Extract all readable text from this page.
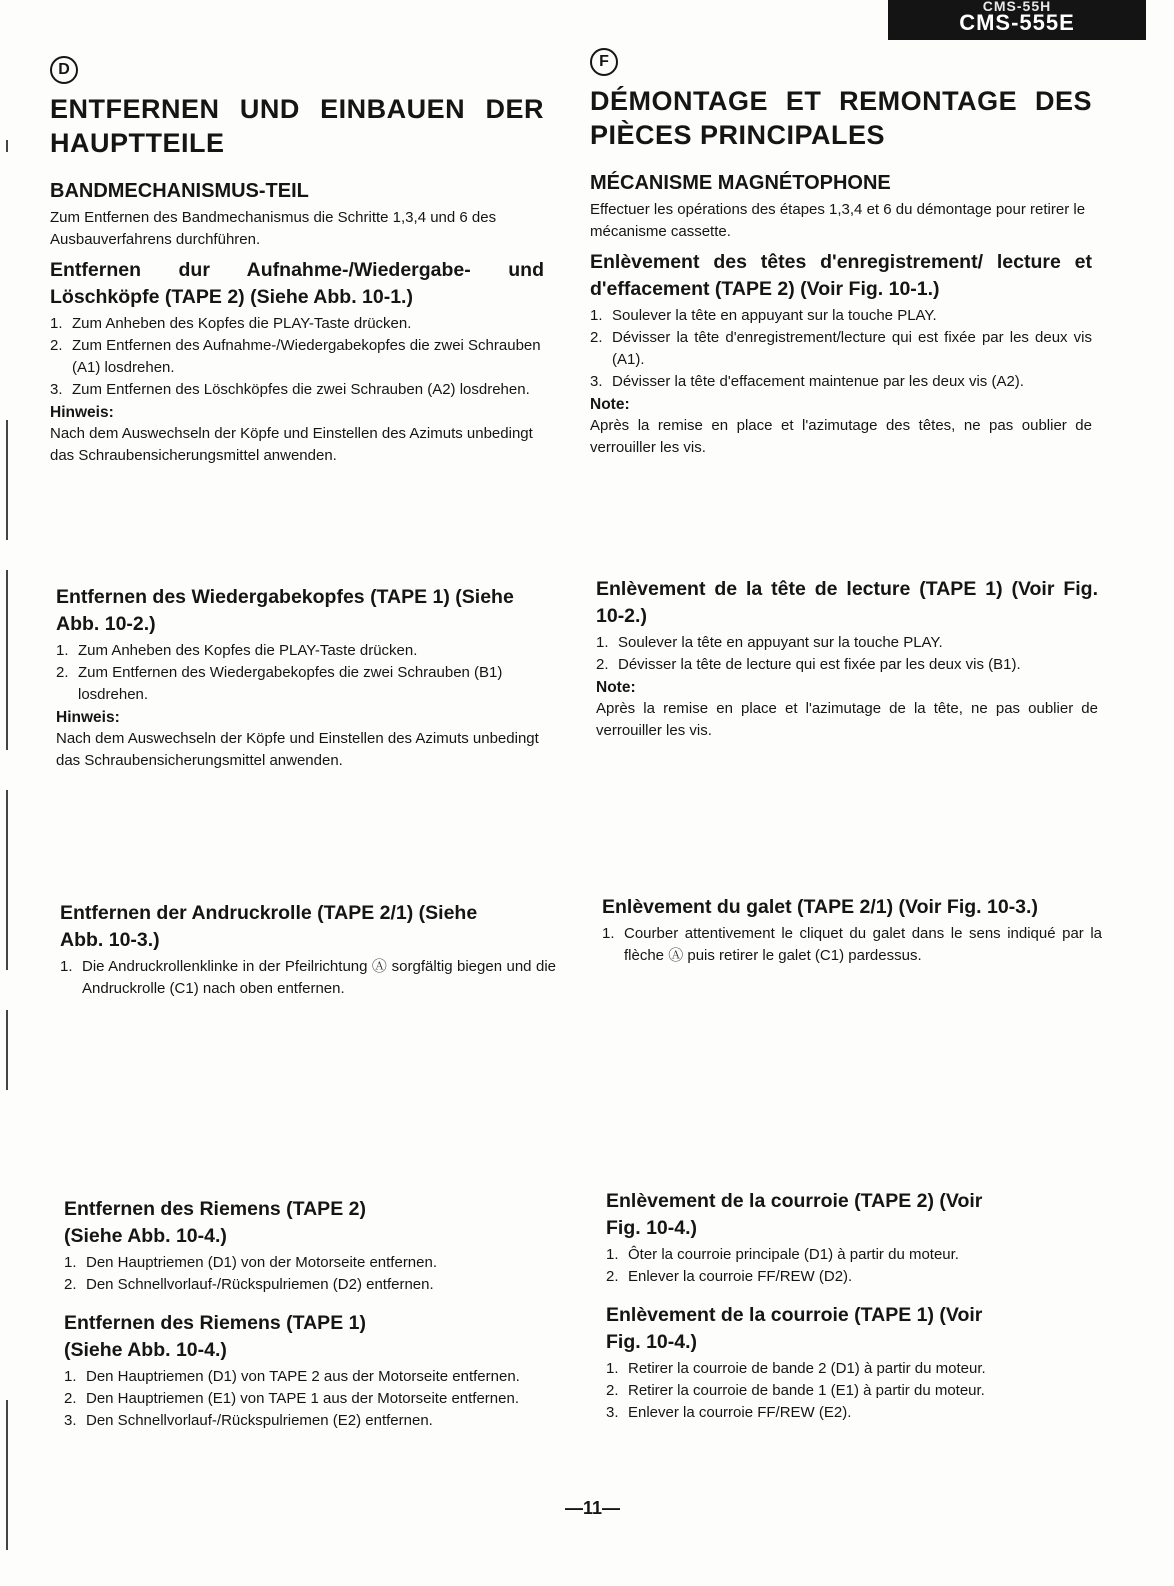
CMS-55H
CMS-555E
D
ENTFERNEN UND EINBAUEN DER HAUPTTEILE
BANDMECHANISMUS-TEIL

Zum Entfernen des Bandmechanismus die Schritte 1,3,4 und 6 des Ausbauverfahrens durchführen.

Entfernen dur Aufnahme-/Wiedergabe- und Löschköpfe (TAPE 2) (Siehe Abb. 10-1.)
1. Zum Anheben des Kopfes die PLAY-Taste drücken.
2. Zum Entfernen des Aufnahme-/Wiedergabekopfes die zwei Schrauben (A1) losdrehen.
3. Zum Entfernen des Löschköpfes die zwei Schrauben (A2) losdrehen.
Hinweis:

Nach dem Auswechseln der Köpfe und Einstellen des Azimuts unbedingt das Schraubensicherungsmittel anwenden.

Entfernen des Wiedergabekopfes (TAPE 1) (Siehe Abb. 10-2.)
1. Zum Anheben des Kopfes die PLAY-Taste drücken.
2. Zum Entfernen des Wiedergabekopfes die zwei Schrauben (B1) losdrehen.
Hinweis:

Nach dem Auswechseln der Köpfe und Einstellen des Azimuts unbedingt das Schraubensicherungsmittel anwenden.

Entfernen der Andruckrolle (TAPE 2/1) (Siehe Abb. 10-3.)
1. Die Andruckrollenklinke in der Pfeilrichtung Ⓐ sorgfältig biegen und die Andruckrolle (C1) nach oben entfernen.
Entfernen des Riemens (TAPE 2) (Siehe Abb. 10-4.)
1. Den Hauptriemen (D1) von der Motorseite entfernen.
2. Den Schnellvorlauf-/Rückspulriemen (D2) entfernen.
Entfernen des Riemens (TAPE 1) (Siehe Abb. 10-4.)
1. Den Hauptriemen (D1) von TAPE 2 aus der Motorseite entfernen.
2. Den Hauptriemen (E1) von TAPE 1 aus der Motorseite entfernen.
3. Den Schnellvorlauf-/Rückspulriemen (E2) entfernen.
F
DÉMONTAGE ET REMONTAGE DES PIÈCES PRINCIPALES
MÉCANISME MAGNÉTOPHONE

Effectuer les opérations des étapes 1,3,4 et 6 du démontage pour retirer le mécanisme cassette.

Enlèvement des têtes d'enregistrement/ lecture et d'effacement (TAPE 2) (Voir Fig. 10-1.)
1. Soulever la tête en appuyant sur la touche PLAY.
2. Dévisser la tête d'enregistrement/lecture qui est fixée par les deux vis (A1).
3. Dévisser la tête d'effacement maintenue par les deux vis (A2).
Note:

Après la remise en place et l'azimutage des têtes, ne pas oublier de verrouiller les vis.

Enlèvement de la tête de lecture (TAPE 1) (Voir Fig. 10-2.)
1. Soulever la tête en appuyant sur la touche PLAY.
2. Dévisser la tête de lecture qui est fixée par les deux vis (B1).
Note:

Après la remise en place et l'azimutage de la tête, ne pas oublier de verrouiller les vis.

Enlèvement du galet (TAPE 2/1) (Voir Fig. 10-3.)
1. Courber attentivement le cliquet du galet dans le sens indiqué par la flèche Ⓐ puis retirer le galet (C1) pardessus.
Enlèvement de la courroie (TAPE 2) (Voir Fig. 10-4.)
1. Ôter la courroie principale (D1) à partir du moteur.
2. Enlever la courroie FF/REW (D2).
Enlèvement de la courroie (TAPE 1) (Voir Fig. 10-4.)
1. Retirer la courroie de bande 2 (D1) à partir du moteur.
2. Retirer la courroie de bande 1 (E1) à partir du moteur.
3. Enlever la courroie FF/REW (E2).
—11—
